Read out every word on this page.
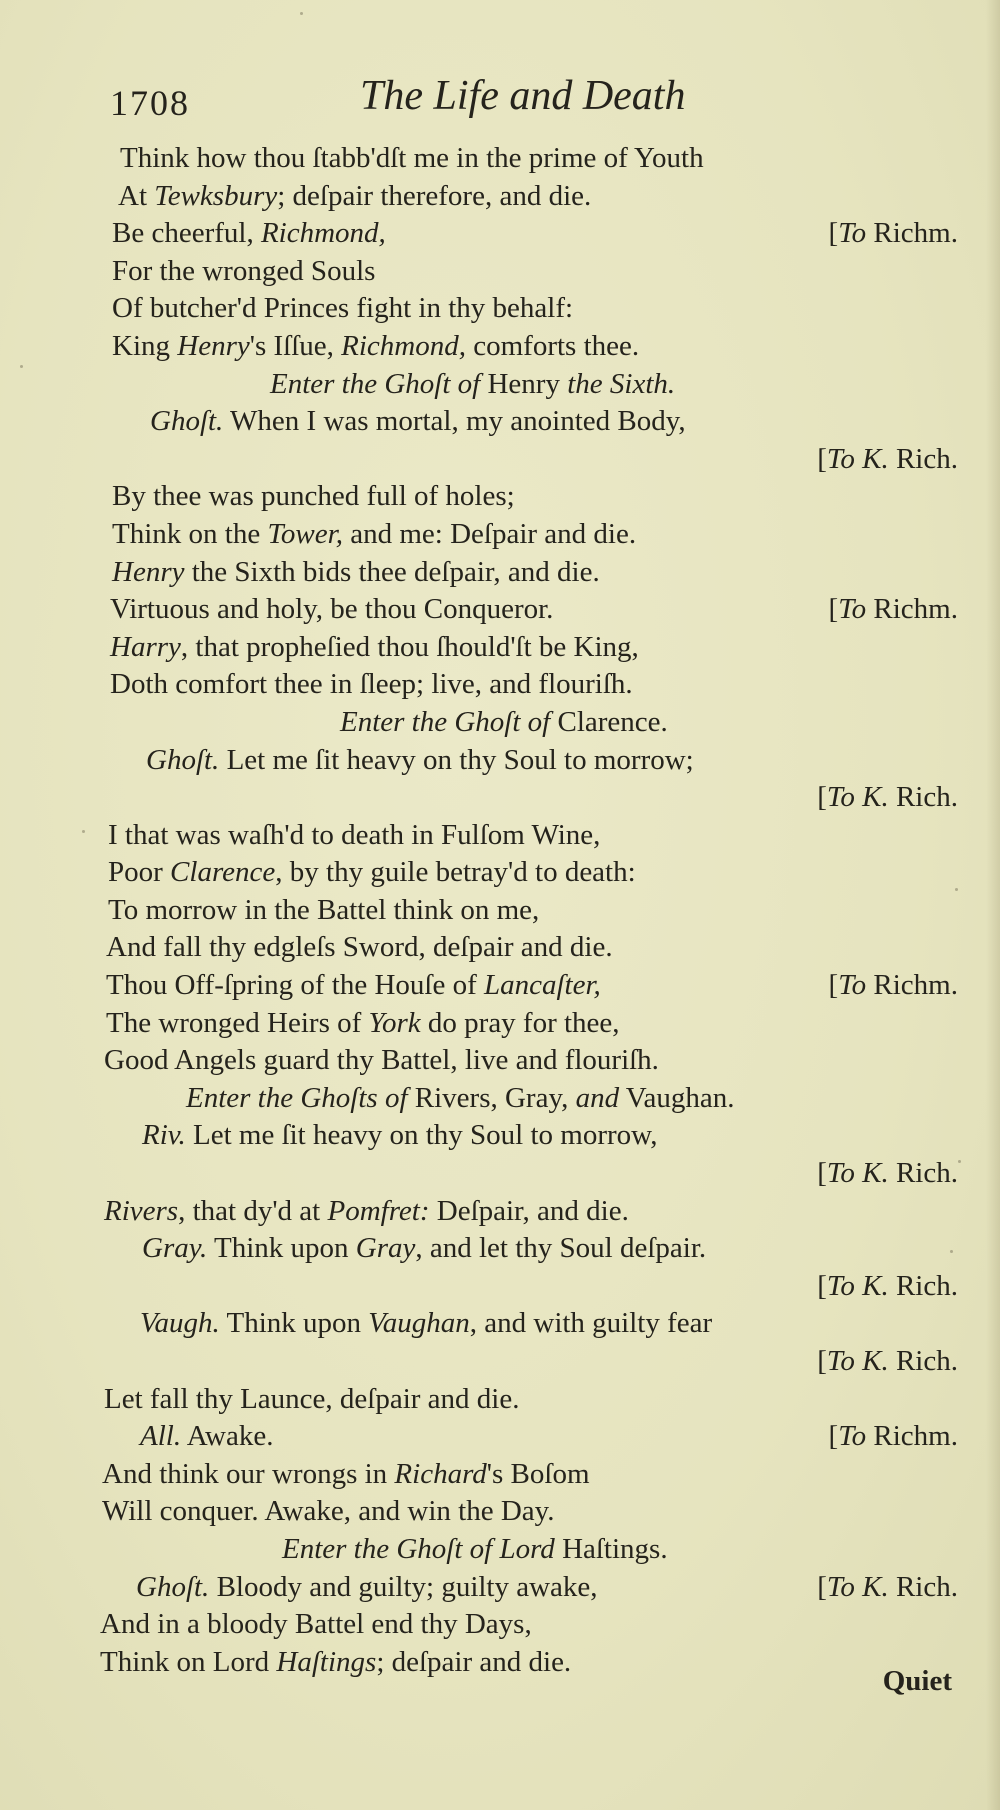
1708	The Life and Death
Think how thou ſtabb'dſt me in the prime of Youth
At Tewksbury; deſpair therefore, and die.
Be cheerful, Richmond,	[To Richm.
For the wronged Souls
Of butcher'd Princes fight in thy behalf:
King Henry's Iſſue, Richmond, comforts thee.
Enter the Ghoſt of Henry the Sixth.
Ghoſt. When I was mortal, my anointed Body,
[To K. Rich.
By thee was punched full of holes;
Think on the Tower, and me: Deſpair and die.
Henry the Sixth bids thee deſpair, and die.
Virtuous and holy, be thou Conqueror.	[To Richm.
Harry, that propheſied thou ſhould'ſt be King,
Doth comfort thee in ſleep; live, and flouriſh.
Enter the Ghoſt of Clarence.
Ghoſt. Let me ſit heavy on thy Soul to morrow;
[To K. Rich.
I that was waſh'd to death in Fulſom Wine,
Poor Clarence, by thy guile betray'd to death:
To morrow in the Battel think on me,
And fall thy edgleſs Sword, deſpair and die.
Thou Off-ſpring of the Houſe of Lancaſter,	[To Richm.
The wronged Heirs of York do pray for thee,
Good Angels guard thy Battel, live and flouriſh.
Enter the Ghoſts of Rivers, Gray, and Vaughan.
Riv. Let me ſit heavy on thy Soul to morrow,
[To K. Rich.
Rivers, that dy'd at Pomfret: Deſpair, and die.
Gray. Think upon Gray, and let thy Soul deſpair.
[To K. Rich.
Vaugh. Think upon Vaughan, and with guilty fear
[To K. Rich.
Let fall thy Launce, deſpair and die.
All. Awake.	[To Richm.
And think our wrongs in Richard's Boſom
Will conquer. Awake, and win the Day.
Enter the Ghoſt of Lord Haſtings.
Ghoſt. Bloody and guilty; guilty awake,	[To K. Rich.
And in a bloody Battel end thy Days,
Think on Lord Haſtings; deſpair and die.
Quiet
